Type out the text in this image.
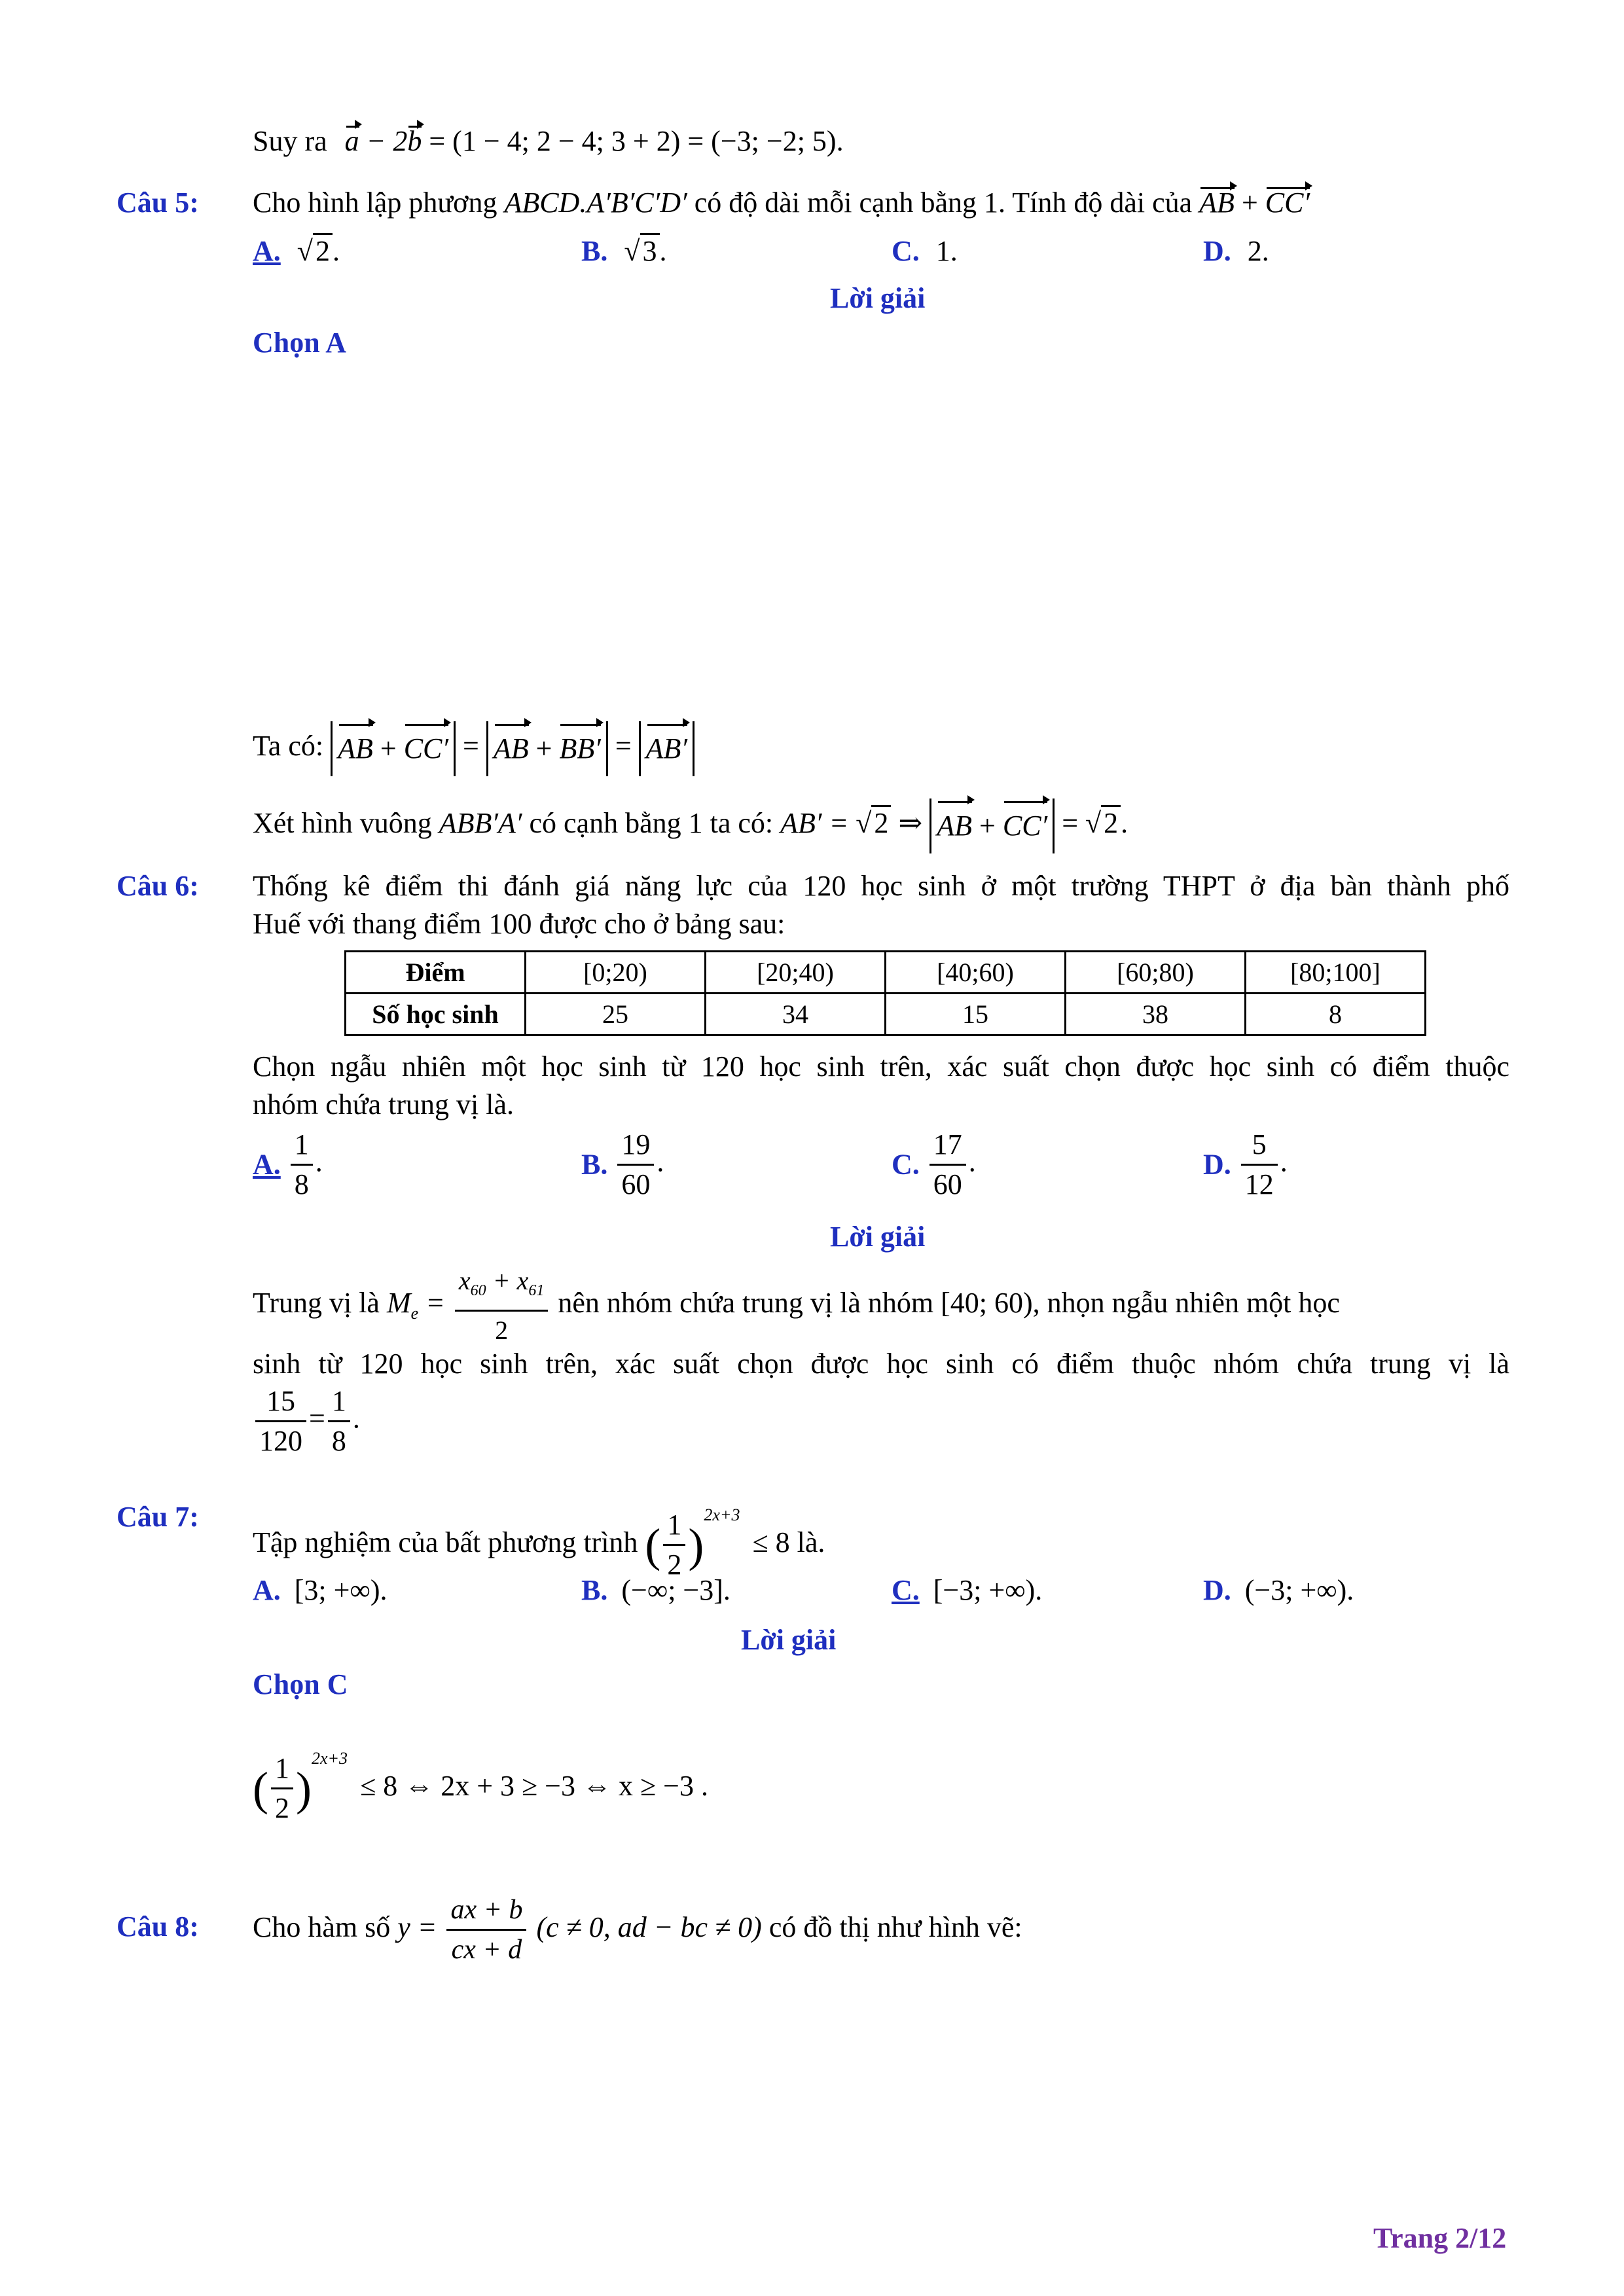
Suy ra a − 2b = (1 − 4; 2 − 4; 3 + 2) = (−3; −2; 5).
Câu 5: Cho hình lập phương ABCD.A′B′C′D′ có độ dài mỗi cạnh bằng 1. Tính độ dài của AB + CC′
A. √2.	B. √3.	C. 1.	D. 2.
Lời giải
Chọn A
Ta có: AB + CC′ = AB + BB′ = AB′
Xét hình vuông ABB′A′ có cạnh bằng 1 ta có: AB′ = √2 ⇒ AB + CC′ = √2.
Câu 6: Thống kê điểm thi đánh giá năng lực của 120 học sinh ở một trường THPT ở địa bàn thành phố
Huế với thang điểm 100 được cho ở bảng sau:
Điểm	[0;20)	[20;40)	[40;60)	[60;80)	[80;100]
Số học sinh	25	34	15	38	8
Chọn ngẫu nhiên một học sinh từ 120 học sinh trên, xác suất chọn được học sinh có điểm thuộc
nhóm chứa trung vị là.
A. $\frac{1}{8}$ .	B. $\frac{19}{60}$ .	C. $\frac{17}{60}$ .	D. $\frac{5}{12}$ .
Lời giải
Trung vị là $M_e = \frac{x_{60} + x_{61}}{2}$ nên nhóm chứa trung vị là nhóm [40; 60), nhọn ngẫu nhiên một học
sinh từ 120 học sinh trên, xác suất chọn được học sinh có điểm thuộc nhóm chứa trung vị là
$\frac{15}{120} = \frac{1}{8}$ .
Câu 7:
Tập nghiệm của bất phương trình ( $\frac{1}{2} )^{2x+3} \le 8$ là.
A. [3; +∞).	B. (−∞; −3].	C. [−3; +∞).	D. (−3; +∞).
Lời giải
Chọn C
( $\frac{1}{2} )^{2x+3} \le 8$ ⇔ 2x + 3 ≥ −3 ⇔ x ≥ −3 .
Câu 8: Cho hàm số $y = \frac{ax + b}{cx + d} (c \ne 0$, ad − bc ≠ 0) có đồ thị như hình vẽ:
Trang 2/12
